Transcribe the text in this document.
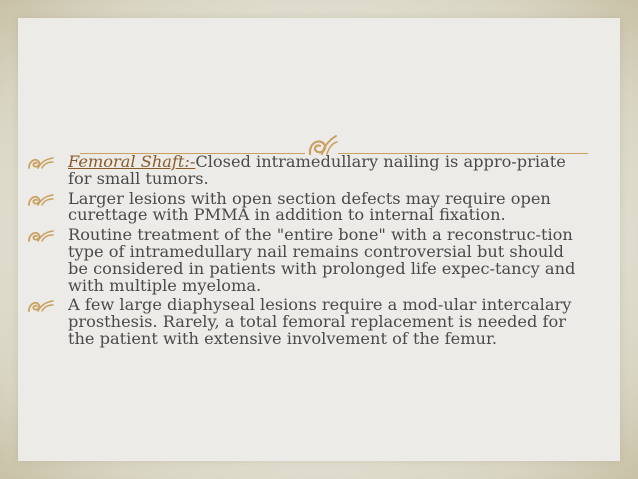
Femoral Shaft:-Closed intramedullary nailing is appro-priate for small tumors.
Larger lesions with open section defects may require open curettage with PMMA in addition to internal fixation.
Routine treatment of the "entire bone" with a reconstruc-tion type of intramedullary nail remains controversial but should be considered in patients with prolonged life expec-tancy and with multiple myeloma.
A few large diaphyseal lesions require a mod-ular intercalary prosthesis. Rarely, a total femoral replacement is needed for the patient with extensive involvement of the femur.
